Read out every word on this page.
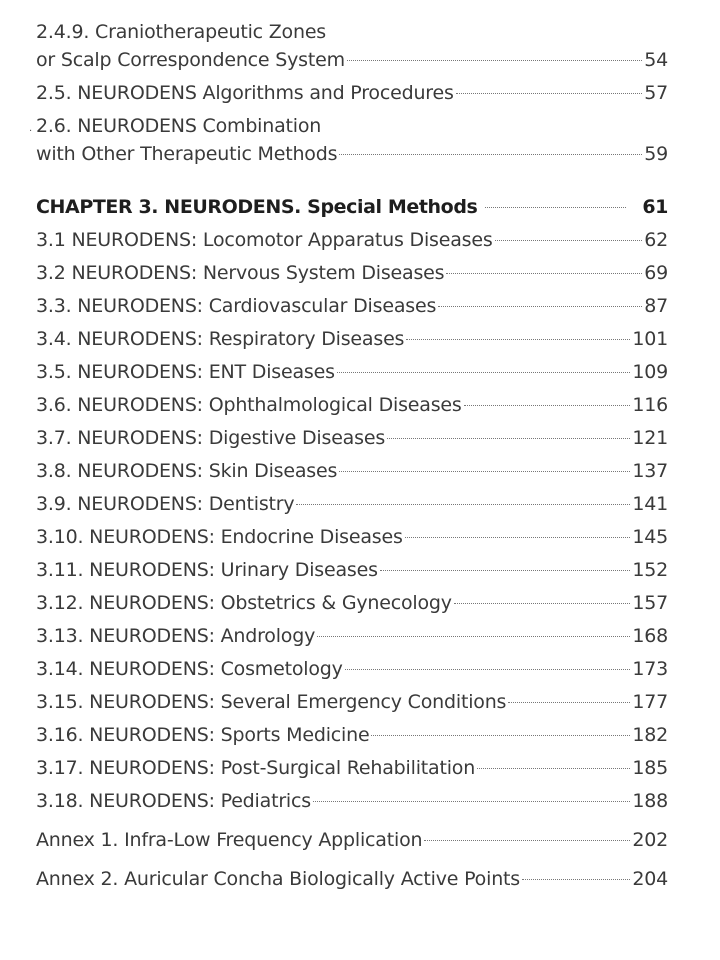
2.4.9. Craniotherapeutic Zones
or Scalp Correspondence System	54
2.5. NEURODENS Algorithms and Procedures	57
· 2.6. NEURODENS Combination
with Other Therapeutic Methods	59
CHAPTER 3. NEURODENS. Special Methods	61
3.1 NEURODENS: Locomotor Apparatus Diseases	62
3.2 NEURODENS: Nervous System Diseases	69
3.3. NEURODENS: Cardiovascular Diseases	87
3.4. NEURODENS: Respiratory Diseases	101
3.5. NEURODENS: ENT Diseases	109
3.6. NEURODENS: Ophthalmological Diseases	116
3.7. NEURODENS: Digestive Diseases	121
3.8. NEURODENS: Skin Diseases	137
3.9. NEURODENS: Dentistry	141
3.10. NEURODENS: Endocrine Diseases	145
3.11. NEURODENS: Urinary Diseases	152
3.12. NEURODENS: Obstetrics & Gynecology	157
3.13. NEURODENS: Andrology	168
3.14. NEURODENS: Cosmetology	173
3.15. NEURODENS: Several Emergency Conditions	177
3.16. NEURODENS: Sports Medicine	182
3.17. NEURODENS: Post-Surgical Rehabilitation	185
3.18. NEURODENS: Pediatrics	188
Annex 1. Infra-Low Frequency Application	202
Annex 2. Auricular Concha Biologically Active Points	204
